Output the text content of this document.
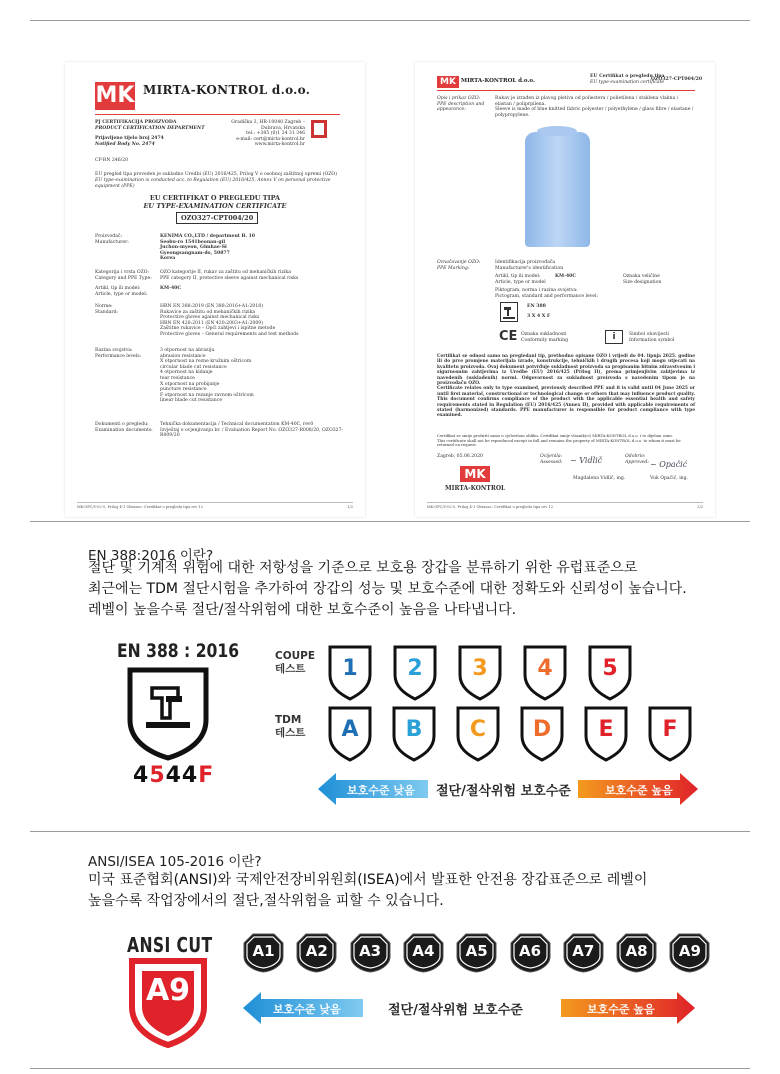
MK MIRTA-KONTROL d.o.o.
PJ CERTIFIKACIJA PROIZVODA
PRODUCT CERTIFICATION DEPARTMENT
Prijavljeno tijelo broj 2474
Notified Body No. 2474
Gradiška 3, HR-10040 Zagreb – Dubrava, Hrvatska
tel.: +385 (0)1 24 31 346
e-mail: cert@mirta-kontrol.hr
www.mirta-kontrol.hr
CP-RN 246/20
EU pregled tipa proveden je sukladno Uredbi (EU) 2016/425, Prilog V o osobnoj zaštitnoj opremi (OZO)
EU type-examination is conducted acc. to Regulation (EU) 2016/425, Annex V on personal protective equipment (PPE)
EU CERTIFIKAT O PREGLEDU TIPA
EU TYPE-EXAMINATION CERTIFICATE
OZO327-CPT004/20
Proizvođač:
Manufacturer:
KENIMA CO.,LTD / department B. 10
Seobu-ro 1541beonan-gil
Juchon-myeon, Gimhae-Si
Gyeongsangnam-do, 50877
Korea
Kategorija i vrsta OZO:
Category and PPE Type:
OZO kategorije II, rukav za zaštitu od mehaničkih rizika
PPE category II, protective sleeve against mechanical risks
Artikl, tip ili model:
Article, type or model:
KM-40C
Norme:
Standard:
HRN EN 388:2019 (EN 388:2016+A1:2018)
Rukavice za zaštitu od mehaničkih rizika
Protective gloves against mechanical risks
HRN EN 420:2011 (EN 420:2003+A1:2009)
Zaštitne rukavice – Opći zahtjevi i ispitne metode
Protective gloves – General requirements and test methods
Razina svojstva:
Performance levels:
3 otpornost na abraziju
abrasion resistance
X otpornost na rezne kružnim oštricom
circular blade cut resistance
4 otpornost na kidanje
tear resistance
X otpornost na probijanje
puncture resistance
F otpornost na rezanje ravnom oštricom
linear blade cut resistance
Dokumenti o pregledu:
Examination documents:
Tehnička dokumentacija / Technical documentation KM-40C, rev0
Izvještaj o ocjenjivanju br. / Evaluation Report No. OZO327-R008/20, OZO327-R009/20
MK-OPC/V-02-5, Prilog 4-1 Obrazac: Certifikat o pregledu tipa rev 12	1/2
MK MIRTA-KONTROL d.o.o.
EU Certifikat o pregledu tipa
EU type-examination certificate
OZO327-CPT004/20
Opis i prikaz OZO:
PPE description and
appearance:
Rukav je izrađen iz plavog pletiva od poliestera / polietilena / staklena vlakna / elastan / poliprpilena.
Sleeve is made of blue knitted fabric polyester / polyethylene / glass fibre / elastane / polypropylene.
Označavanje OZO:
PPE Marking:
Identifikacija proizvođača
Manufacturer's identification
Artikl, tip ili model:
Article, type or model
KM-40C	Oznaka veličine
Size designation
Piktogram, norma i razina svojstva:
Pictogram, standard and performance level:
EN 388
3 X 4 X F
CE Oznaka sukladnosti
Conformity marking	i	Simbol obavijesti
Information symbol
Certifikat se odnosi samo na pregledani tip, prethodno opisane OZO i vrijedi do 04. lipnja 2025. godine ili do prve promjene materijala izrade, konstrukcije, tehničkih i drugih procesa koji mogu utjecati na kvalitetu proizvoda. Ovaj dokument potvrđuje sukladnost proizvoda sa propisanim bitnim zdravstvenim i sigurnosnim zahtjevima iz Uredbe (EU) 2016/425 (Prilog II), prema primjenjivim zahtjevima iz navedenih (usklađenih) normi. Odgovornost za sukladnost proizvoda s navedenim tipom je na proizvođaču OZO.
Certificate relates only to type examined, previously described PPE and it is valid until 04 June 2025 or until first material, constructional or technological change or others that may influence product quality. This document confirms compliance of the product with the applicable essential health and safety requirements stated in Regulation (EU) 2016/425 (Annex II), provided with applicable requirements of stated (harmonized) standards. PPE manufacturer is responsible for product compliance with type examined.
Certifikat se smije proširiti samo u cjelovitom obliku. Certifikat smije vlasnik(ci) MIRTA-KONTROL d.o.o. i to dijelom osim.
This certificate shall not be reproduced except in full and remains the property of MIRTA-KONTROL d.o.o. to whom it must be returned on request.
Zagreb, 05.06.2020
MK
MIRTA-KONTROL
Ocijenila:
Assessed: ~ Vidlič
Magdalena Vidlič, ing.
Odobrio:
Approved: ~ Opačić
Vuk Opačić, ing.
MK-OPC/V-02-5, Prilog 4-1 Obrazac: Certifikat o pregledu tipa rev 12	2/2
EN 388:2016 이란?
절단 및 기계적 위험에 대한 저항성을 기준으로 보호용 장갑을 분류하기 위한 유럽표준으로
최근에는 TDM 절단시험을 추가하여 장갑의 성능 및 보호수준에 대한 정확도와 신뢰성이 높습니다.
레벨이 높을수록 절단/절삭위험에 대한 보호수준이 높음을 나타냅니다.
EN 388 : 2016
4544F
COUPE
테스트
TDM
테스트
1	2	3	4	5
A	B	C	D	E	F
보호수준 낮음 절단/절삭위험 보호수준	보호수준 높음
ANSI/ISEA 105-2016 이란?
미국 표준협회(ANSI)와 국제안전장비위원회(ISEA)에서 발표한 안전용 장갑표준으로 레벨이
높을수록 작업장에서의 절단,절삭위험을 피할 수 있습니다.
ANSI CUT
A9
A1	A2	A3	A4	A5	A6	A7	A8	A9
보호수준 낮음	절단/절삭위험 보호수준	보호수준 높음
